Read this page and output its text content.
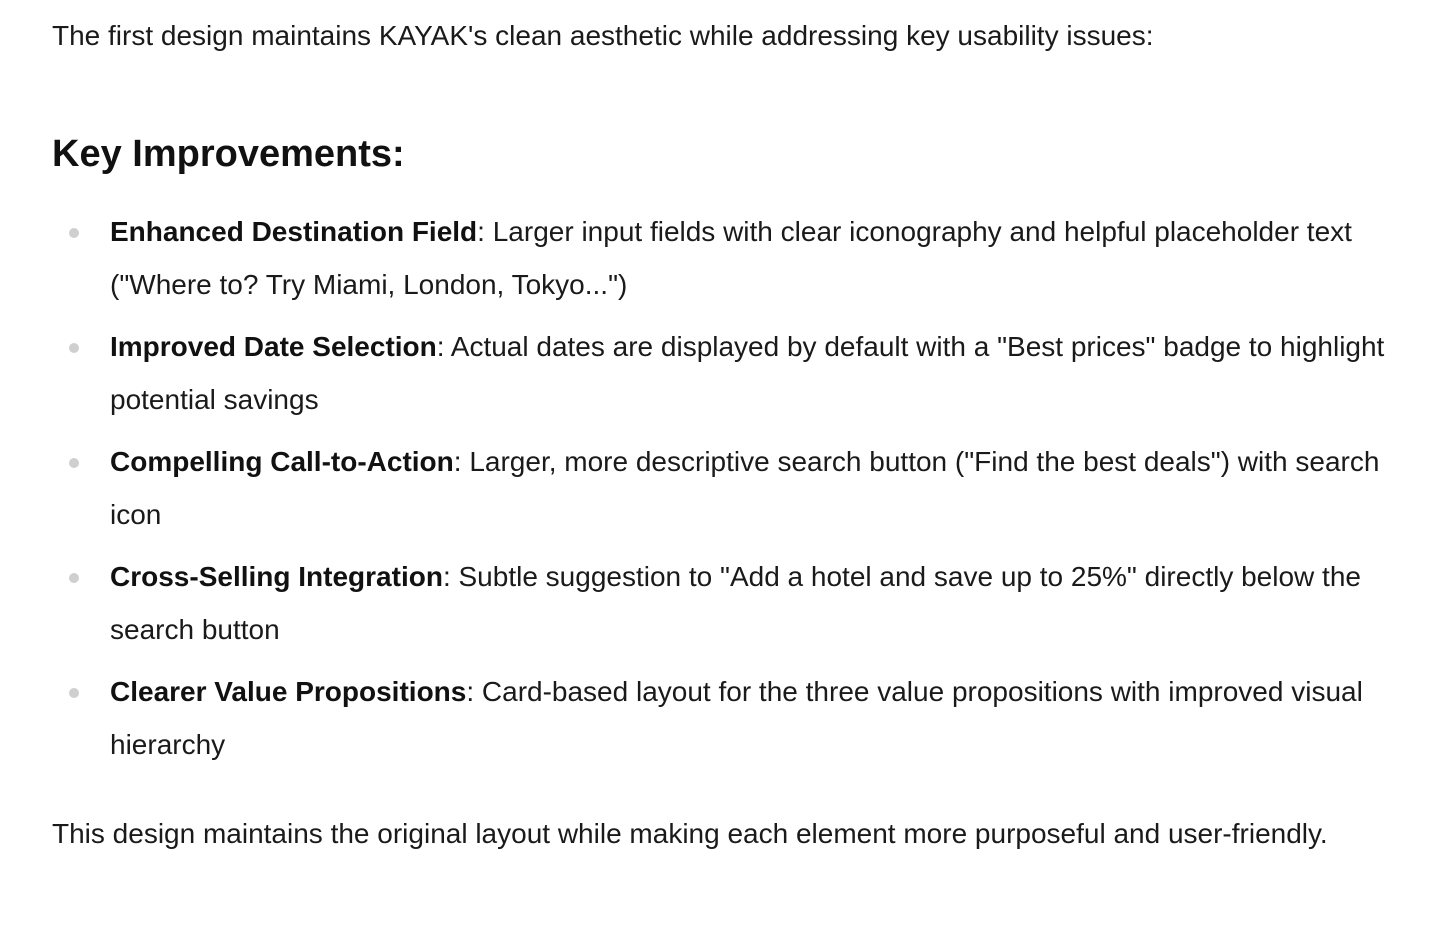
The first design maintains KAYAK's clean aesthetic while addressing key usability issues:

Key Improvements:
Enhanced Destination Field: Larger input fields with clear iconography and helpful placeholder text ("Where to? Try Miami, London, Tokyo...")
Improved Date Selection: Actual dates are displayed by default with a "Best prices" badge to highlight potential savings
Compelling Call-to-Action: Larger, more descriptive search button ("Find the best deals") with search icon
Cross-Selling Integration: Subtle suggestion to "Add a hotel and save up to 25%" directly below the search button
Clearer Value Propositions: Card-based layout for the three value propositions with improved visual hierarchy

This design maintains the original layout while making each element more purposeful and user-friendly.
